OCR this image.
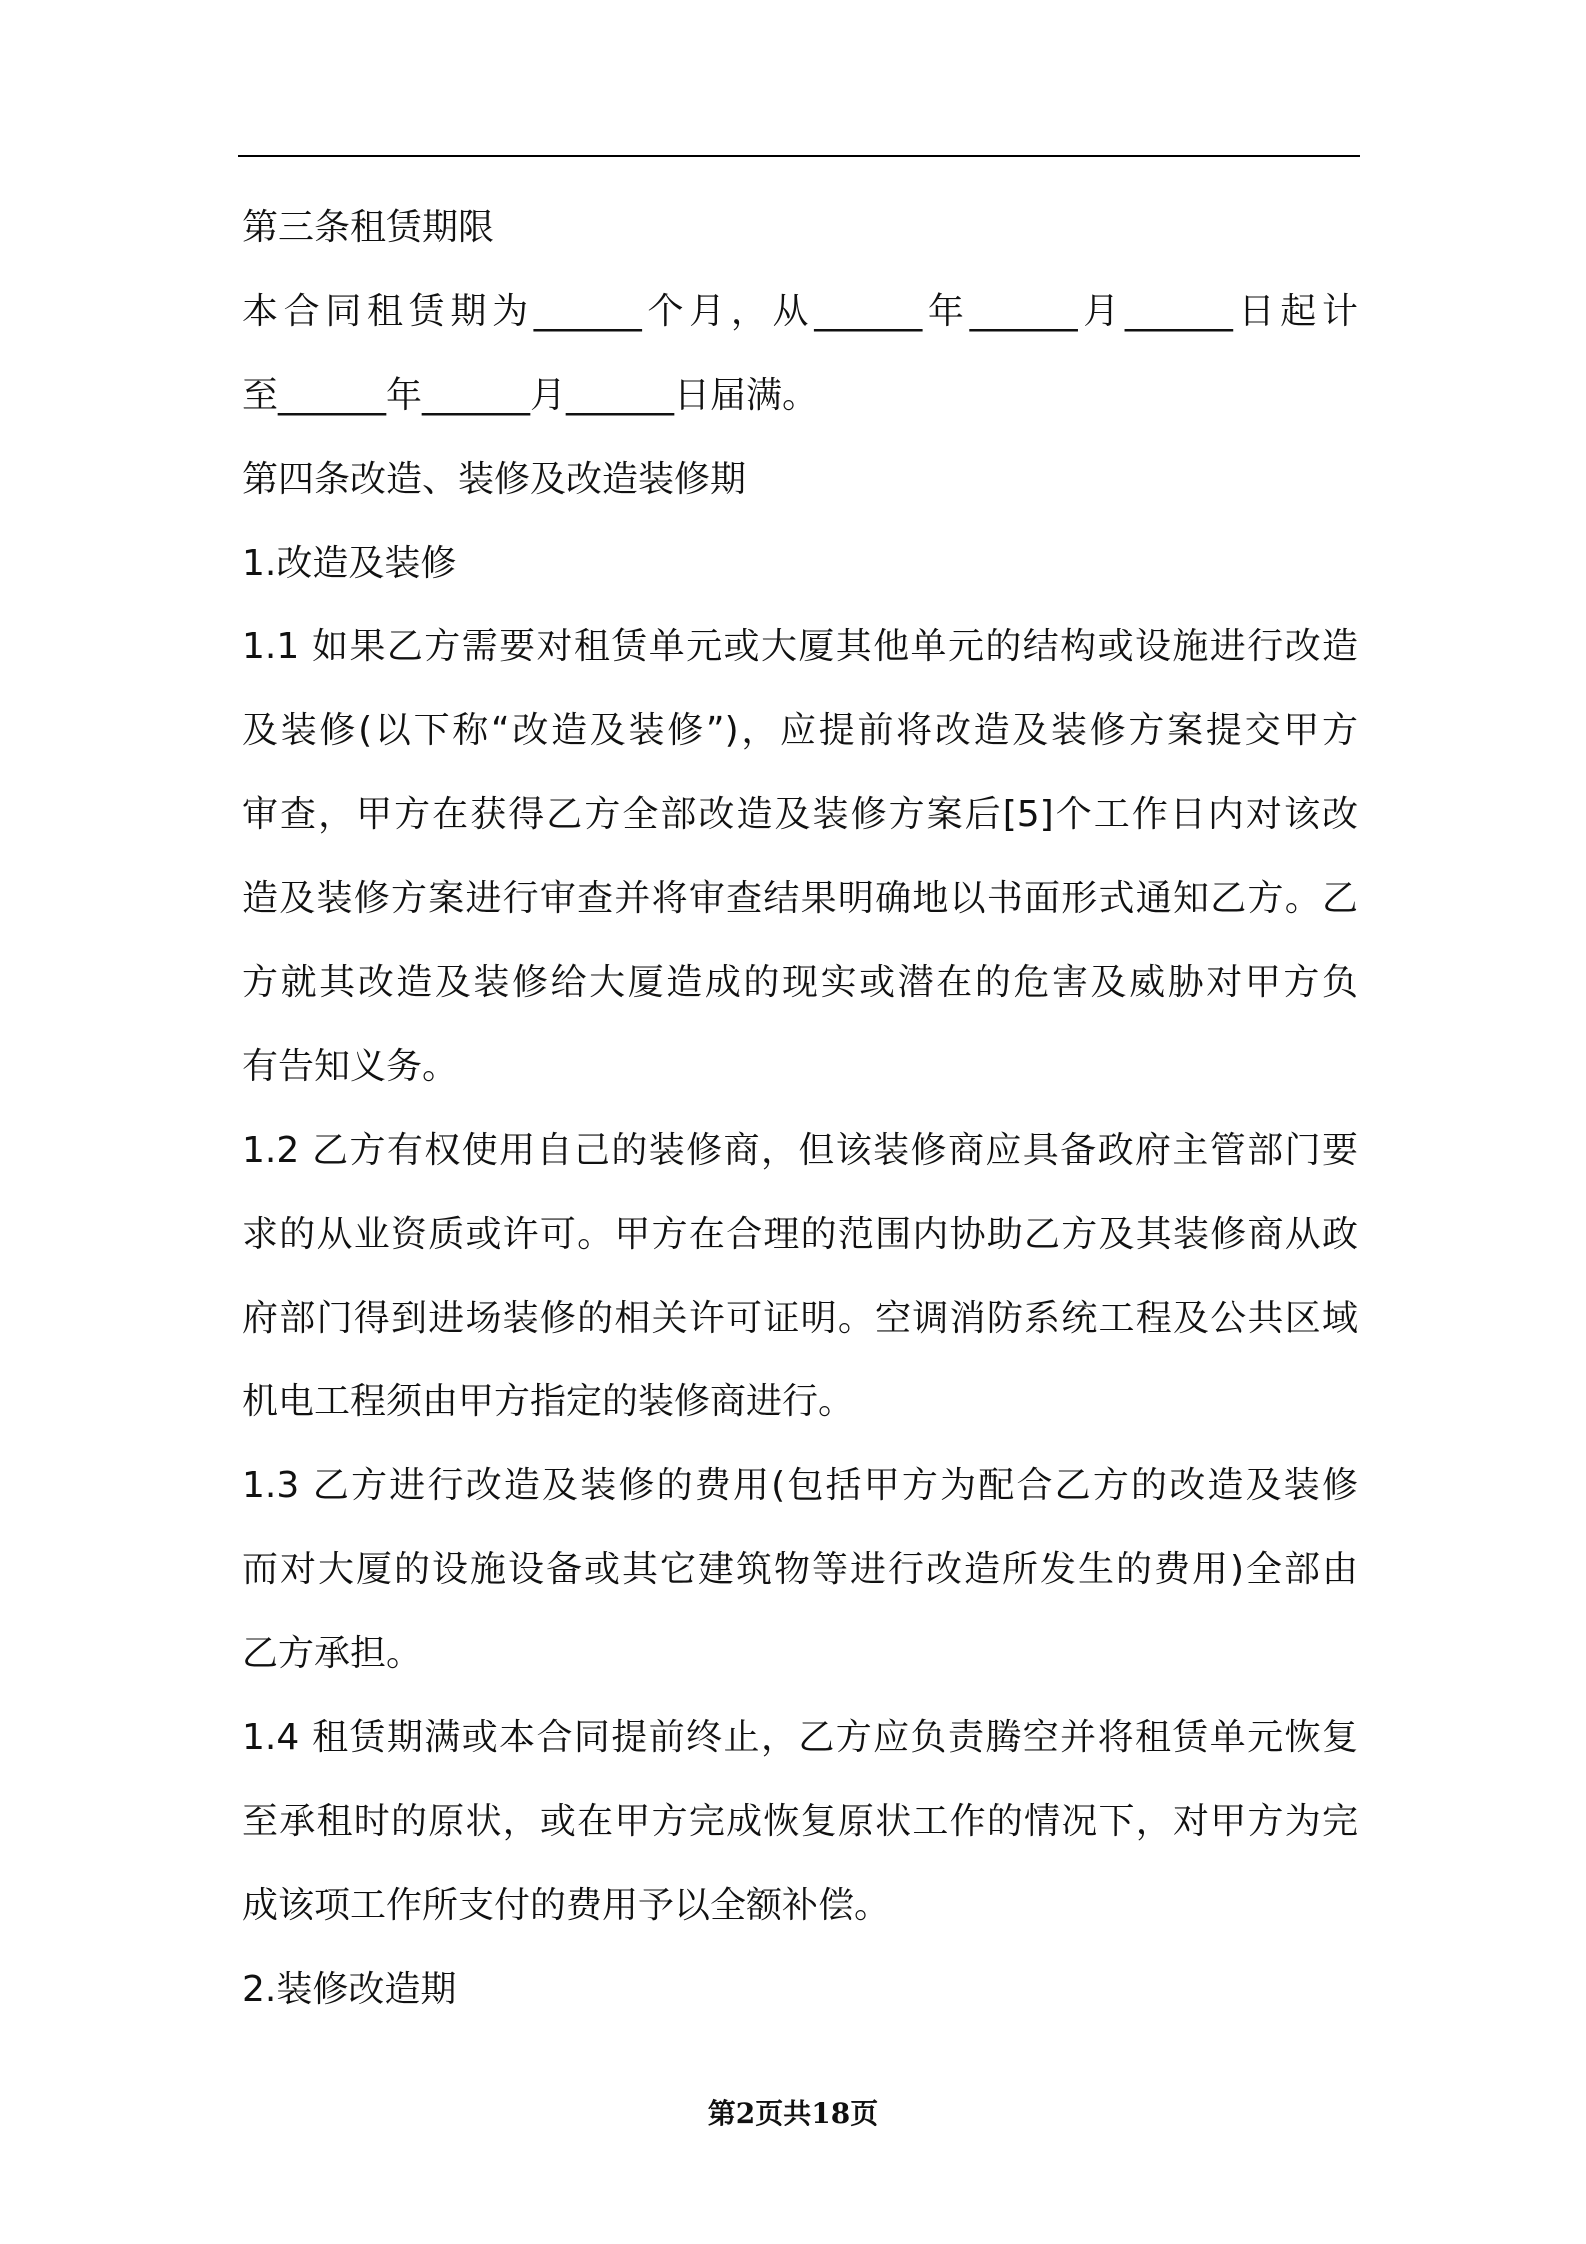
第三条租赁期限
本合同租赁期为______个月，从______年______月______日起计
至______年______月______日届满。
第四条改造、装修及改造装修期
1.改造及装修
1.1 如果乙方需要对租赁单元或大厦其他单元的结构或设施进行改造
及装修(以下称“改造及装修”)，应提前将改造及装修方案提交甲方
审查，甲方在获得乙方全部改造及装修方案后[5]个工作日内对该改
造及装修方案进行审查并将审查结果明确地以书面形式通知乙方。乙
方就其改造及装修给大厦造成的现实或潜在的危害及威胁对甲方负
有告知义务。
1.2 乙方有权使用自己的装修商，但该装修商应具备政府主管部门要
求的从业资质或许可。甲方在合理的范围内协助乙方及其装修商从政
府部门得到进场装修的相关许可证明。空调消防系统工程及公共区域
机电工程须由甲方指定的装修商进行。
1.3 乙方进行改造及装修的费用(包括甲方为配合乙方的改造及装修
而对大厦的设施设备或其它建筑物等进行改造所发生的费用)全部由
乙方承担。
1.4 租赁期满或本合同提前终止，乙方应负责腾空并将租赁单元恢复
至承租时的原状，或在甲方完成恢复原状工作的情况下，对甲方为完
成该项工作所支付的费用予以全额补偿。
2.装修改造期
第2页共18页
